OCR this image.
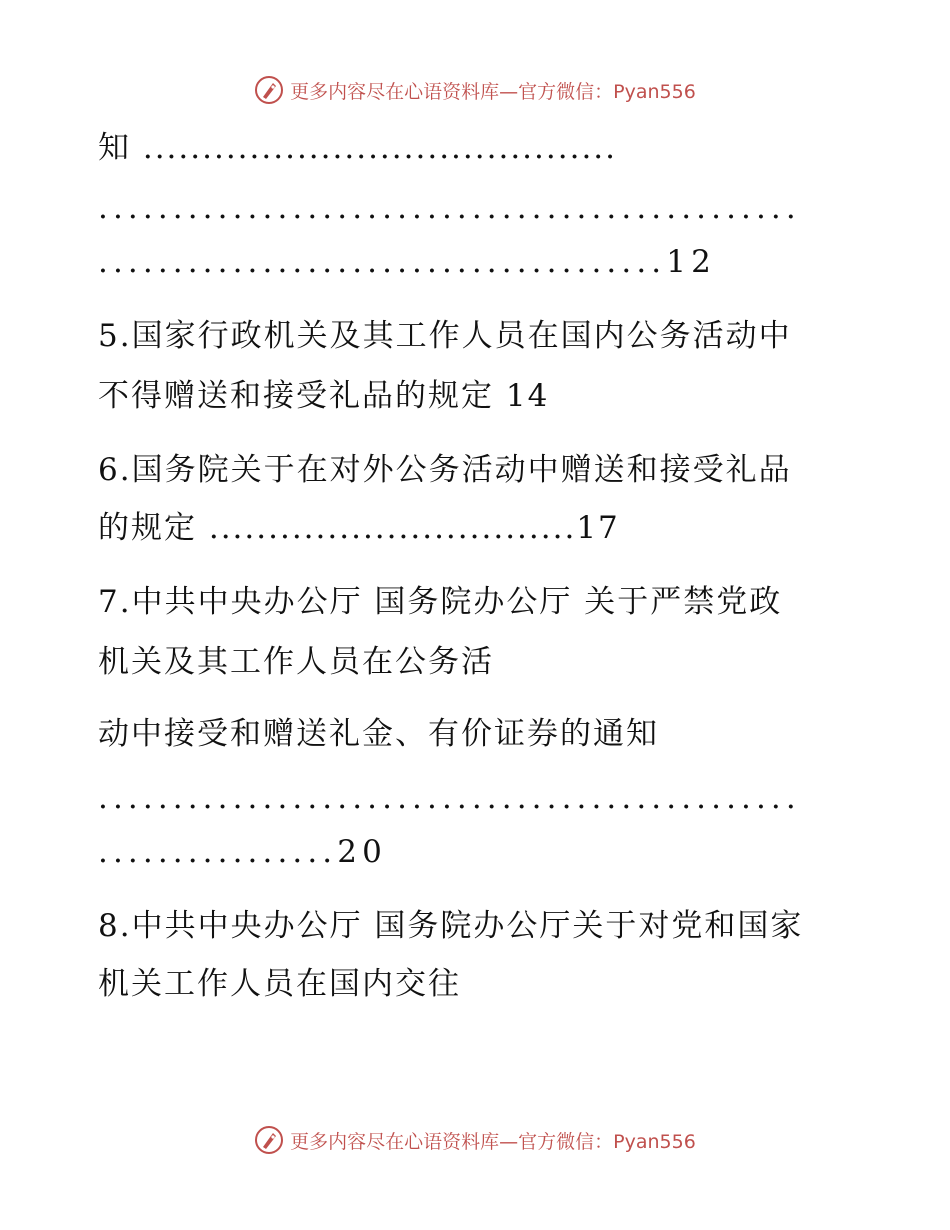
更多内容尽在心语资料库—官方微信：Pyan556
知 ........................................
...............................................
......................................12
5.国家行政机关及其工作人员在国内公务活动中
不得赠送和接受礼品的规定 14
6.国务院关于在对外公务活动中赠送和接受礼品
的规定 ...............................17
7.中共中央办公厅 国务院办公厅 关于严禁党政
机关及其工作人员在公务活
动中接受和赠送礼金、有价证券的通知
...............................................
................20
8.中共中央办公厅 国务院办公厅关于对党和国家
机关工作人员在国内交往
更多内容尽在心语资料库—官方微信：Pyan556
